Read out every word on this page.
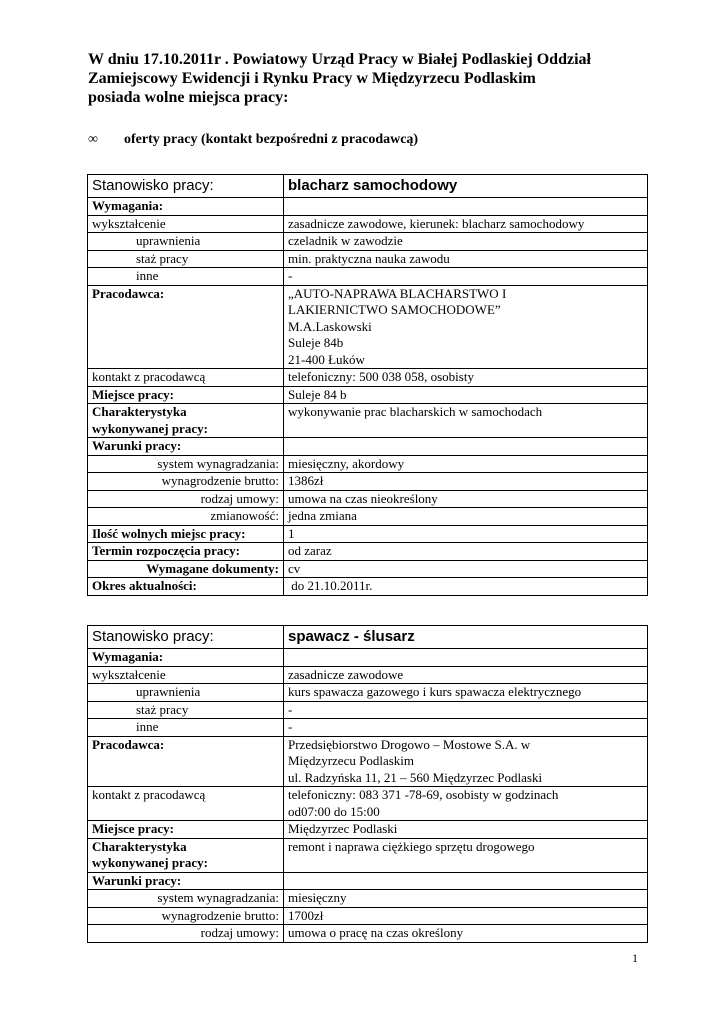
W dniu 17.10.2011r . Powiatowy Urząd Pracy w Białej Podlaskiej Oddział
Zamiejscowy Ewidencji i Rynku Pracy w Międzyrzecu Podlaskim
posiada wolne miejsca pracy:
∞ oferty pracy (kontakt bezpośredni z pracodawcą)
Stanowisko pracy:	blacharz samochodowy
Wymagania:	
wykształcenie	zasadnicze zawodowe, kierunek: blacharz samochodowy
uprawnienia	czeladnik w zawodzie
staż pracy	min. praktyczna nauka zawodu
inne	-
Pracodawca:	„AUTO-NAPRAWA BLACHARSTWO I
LAKIERNICTWO SAMOCHODOWE”
M.A.Laskowski
Suleje 84b
21-400 Łuków

kontakt z pracodawcą	telefoniczny: 500 038 058, osobisty
Miejsce pracy:	Suleje 84 b

Charakterystyka
wykonywanej pracy:	wykonywanie prac blacharskich w samochodach
Warunki pracy:	
system wynagradzania:	miesięczny, akordowy
wynagrodzenie brutto:	1386zł
rodzaj umowy:	umowa na czas nieokreślony
zmianowość:	jedna zmiana
Ilość wolnych miejsc pracy:	1
Termin rozpoczęcia pracy:	od zaraz
Wymagane dokumenty:	cv
Okres aktualności:	do 21.10.2011r.
Stanowisko pracy:	spawacz - ślusarz
Wymagania:	
wykształcenie	zasadnicze zawodowe
uprawnienia	kurs spawacza gazowego i kurs spawacza elektrycznego
staż pracy	-
inne	-
Pracodawca:	Przedsiębiorstwo Drogowo – Mostowe S.A. w
Międzyrzecu Podlaskim
ul. Radzyńska 11, 21 – 560 Międzyrzec Podlaski

kontakt z pracodawcą	telefoniczny: 083 371 -78-69, osobisty w godzinach
od07:00 do 15:00

Miejsce pracy:	Międzyrzec Podlaski

Charakterystyka
wykonywanej pracy:	remont i naprawa ciężkiego sprzętu drogowego
Warunki pracy:	
system wynagradzania:	miesięczny
wynagrodzenie brutto:	1700zł
rodzaj umowy:	umowa o pracę na czas określony
1
